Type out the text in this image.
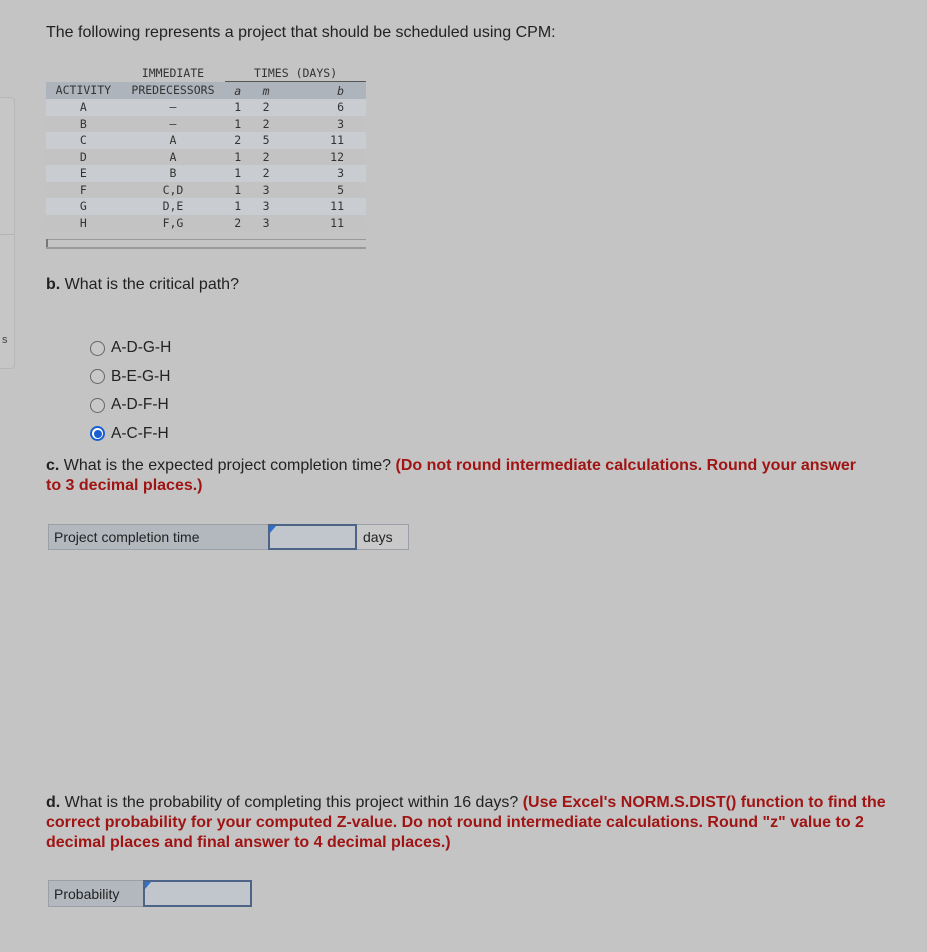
s
The following represents a project that should be scheduled using CPM:
	IMMEDIATE	TIMES (DAYS)		
ACTIVITY	PREDECESSORS	a	m	b
A	—	1	2	6
B	—	1	2	3
C	A	2	5	11
D	A	1	2	12
E	B	1	2	3
F	C,D	1	3	5
G	D,E	1	3	11
H	F,G	2	3	11
b. What is the critical path?
A-D-G-H
B-E-G-H
A-D-F-H
A-C-F-H
c. What is the expected project completion time? (Do not round intermediate calculations. Round your answer to 3 decimal places.)
Project completion time	days
d. What is the probability of completing this project within 16 days? (Use Excel's NORM.S.DIST() function to find the correct probability for your computed Z-value. Do not round intermediate calculations. Round "z" value to 2 decimal places and final answer to 4 decimal places.)
Probability
